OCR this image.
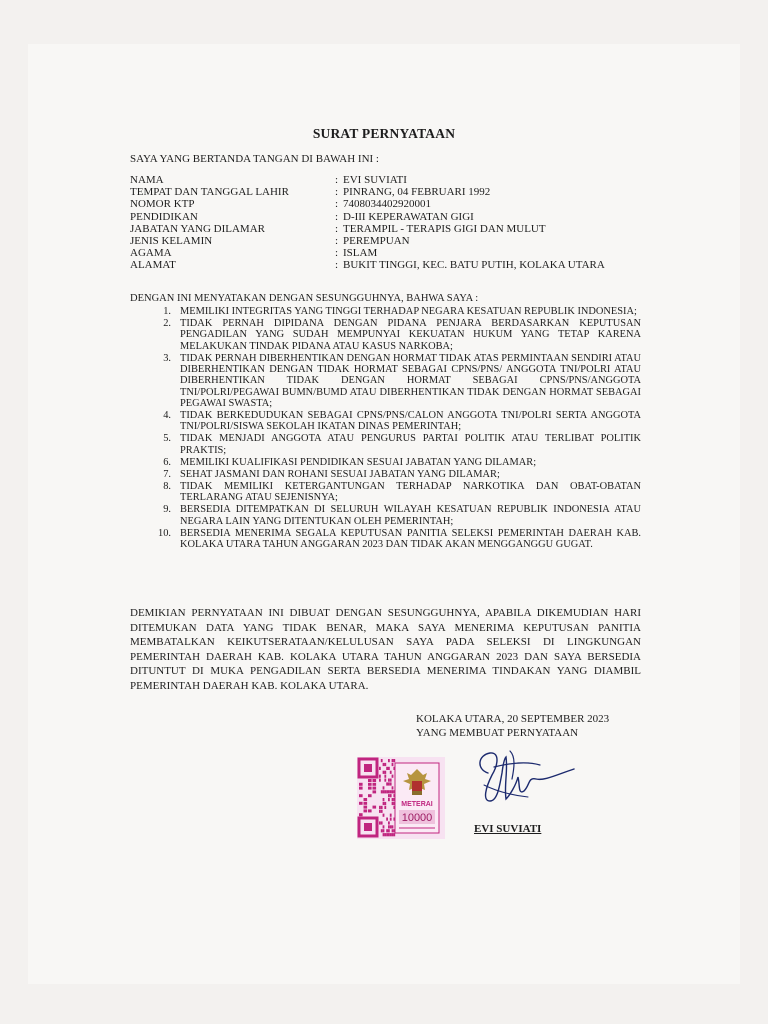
SURAT PERNYATAAN
SAYA YANG BERTANDA TANGAN DI BAWAH INI :
NAMA	: EVI SUVIATI
TEMPAT DAN TANGGAL LAHIR	: PINRANG, 04 FEBRUARI 1992
NOMOR KTP	: 7408034402920001
PENDIDIKAN	: D-III KEPERAWATAN GIGI
JABATAN YANG DILAMAR	: TERAMPIL - TERAPIS GIGI DAN MULUT
JENIS KELAMIN	: PEREMPUAN
AGAMA	: ISLAM
ALAMAT	: BUKIT TINGGI, KEC. BATU PUTIH, KOLAKA UTARA
DENGAN INI MENYATAKAN DENGAN SESUNGGUHNYA, BAHWA SAYA :
1. MEMILIKI INTEGRITAS YANG TINGGI TERHADAP NEGARA KESATUAN REPUBLIK INDONESIA;
2. TIDAK PERNAH DIPIDANA DENGAN PIDANA PENJARA BERDASARKAN KEPUTUSAN PENGADILAN YANG SUDAH MEMPUNYAI KEKUATAN HUKUM YANG TETAP KARENA MELAKUKAN TINDAK PIDANA ATAU KASUS NARKOBA;
3. TIDAK PERNAH DIBERHENTIKAN DENGAN HORMAT TIDAK ATAS PERMINTAAN SENDIRI ATAU DIBERHENTIKAN DENGAN TIDAK HORMAT SEBAGAI CPNS/PNS/ ANGGOTA TNI/POLRI ATAU DIBERHENTIKAN TIDAK DENGAN HORMAT SEBAGAI CPNS/PNS/ANGGOTA TNI/POLRI/PEGAWAI BUMN/BUMD ATAU DIBERHENTIKAN TIDAK DENGAN HORMAT SEBAGAI PEGAWAI SWASTA;
4. TIDAK BERKEDUDUKAN SEBAGAI CPNS/PNS/CALON ANGGOTA TNI/POLRI SERTA ANGGOTA TNI/POLRI/SISWA SEKOLAH IKATAN DINAS PEMERINTAH;
5. TIDAK MENJADI ANGGOTA ATAU PENGURUS PARTAI POLITIK ATAU TERLIBAT POLITIK PRAKTIS;
6. MEMILIKI KUALIFIKASI PENDIDIKAN SESUAI JABATAN YANG DILAMAR;
7. SEHAT JASMANI DAN ROHANI SESUAI JABATAN YANG DILAMAR;
8. TIDAK MEMILIKI KETERGANTUNGAN TERHADAP NARKOTIKA DAN OBAT-OBATAN TERLARANG ATAU SEJENISNYA;
9. BERSEDIA DITEMPATKAN DI SELURUH WILAYAH KESATUAN REPUBLIK INDONESIA ATAU NEGARA LAIN YANG DITENTUKAN OLEH PEMERINTAH;
10. BERSEDIA MENERIMA SEGALA KEPUTUSAN PANITIA SELEKSI PEMERINTAH DAERAH KAB. KOLAKA UTARA TAHUN ANGGARAN 2023 DAN TIDAK AKAN MENGGANGGU GUGAT.
DEMIKIAN PERNYATAAN INI DIBUAT DENGAN SESUNGGUHNYA, APABILA DIKEMUDIAN HARI DITEMUKAN DATA YANG TIDAK BENAR, MAKA SAYA MENERIMA KEPUTUSAN PANITIA MEMBATALKAN KEIKUTSERATAAN/KELULUSAN SAYA PADA SELEKSI DI LINGKUNGAN PEMERINTAH DAERAH KAB. KOLAKA UTARA TAHUN ANGGARAN 2023 DAN SAYA BERSEDIA DITUNTUT DI MUKA PENGADILAN SERTA BERSEDIA MENERIMA TINDAKAN YANG DIAMBIL PEMERINTAH DAERAH KAB. KOLAKA UTARA.
KOLAKA UTARA, 20 SEPTEMBER 2023
YANG MEMBUAT PERNYATAAN
METERAI
10000
EVI SUVIATI
